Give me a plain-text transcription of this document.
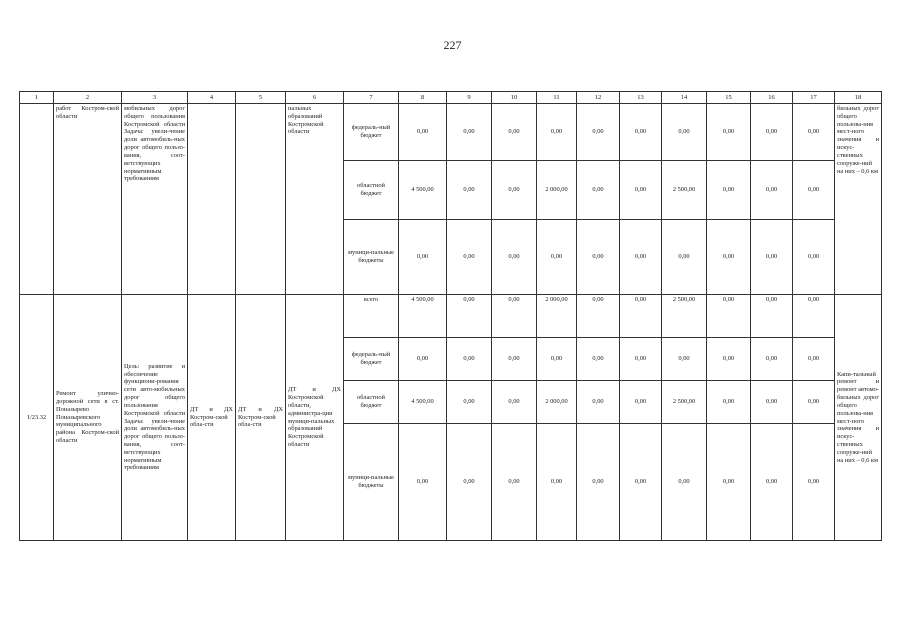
227
1	2	3	4	5	6	7	8	9	10	11	12	13	14	15	16	17	18
	работ Костром-ской области	мобильных дорог общего пользования Костромской области Задача: увели-чение доли автомобиль-ных дорог общего пользо-вания, соот-ветствующих нормативным требованиям			пальных образований Костромской области	федераль-ный бюджет	0,00	0,00	0,00	0,00	0,00	0,00	0,00	0,00	0,00	0,00	бильных дорог общего пользова-ния мест-ного значения и искус-ственных сооруже-ний на них – 0,6 км
						областной бюджет	4 500,00	0,00	0,00	2 000,00	0,00	0,00	2 500,00	0,00	0,00	0,00	
						муници-пальные бюджеты	0,00	0,00	0,00	0,00	0,00	0,00	0,00	0,00	0,00	0,00	
1/23.32	Ремонт улично-дорожной сети в ст. Поназырево Поназыревского муниципального района Костром-ской области	Цель: развитие и обеспечение функциони-рования сети авто-мобильных дорог общего пользования Костромской области Задача: увели-чение доли автомобиль-ных дорог общего пользо-вания, соот-ветствующих нормативным требованиям	ДТ и ДХ Костром-ской обла-сти	ДТ и ДХ Костром-ской обла-сти	ДТ и ДХ Костромской области, администра-ции муници-пальных образований Костромской области	всего	4 500,00	0,00	0,00	2 000,00	0,00	0,00	2 500,00	0,00	0,00	0,00	Капи-тальный ремонт и ремонт автомо-бильных дорог общего пользова-ния мест-ного значения и искус-ственных сооруже-ний на них – 0,6 км
						федераль-ный бюджет	0,00	0,00	0,00	0,00	0,00	0,00	0,00	0,00	0,00	0,00	
						областной бюджет	4 500,00	0,00	0,00	2 000,00	0,00	0,00	2 500,00	0,00	0,00	0,00	
						муници-пальные бюджеты	0,00	0,00	0,00	0,00	0,00	0,00	0,00	0,00	0,00	0,00	
